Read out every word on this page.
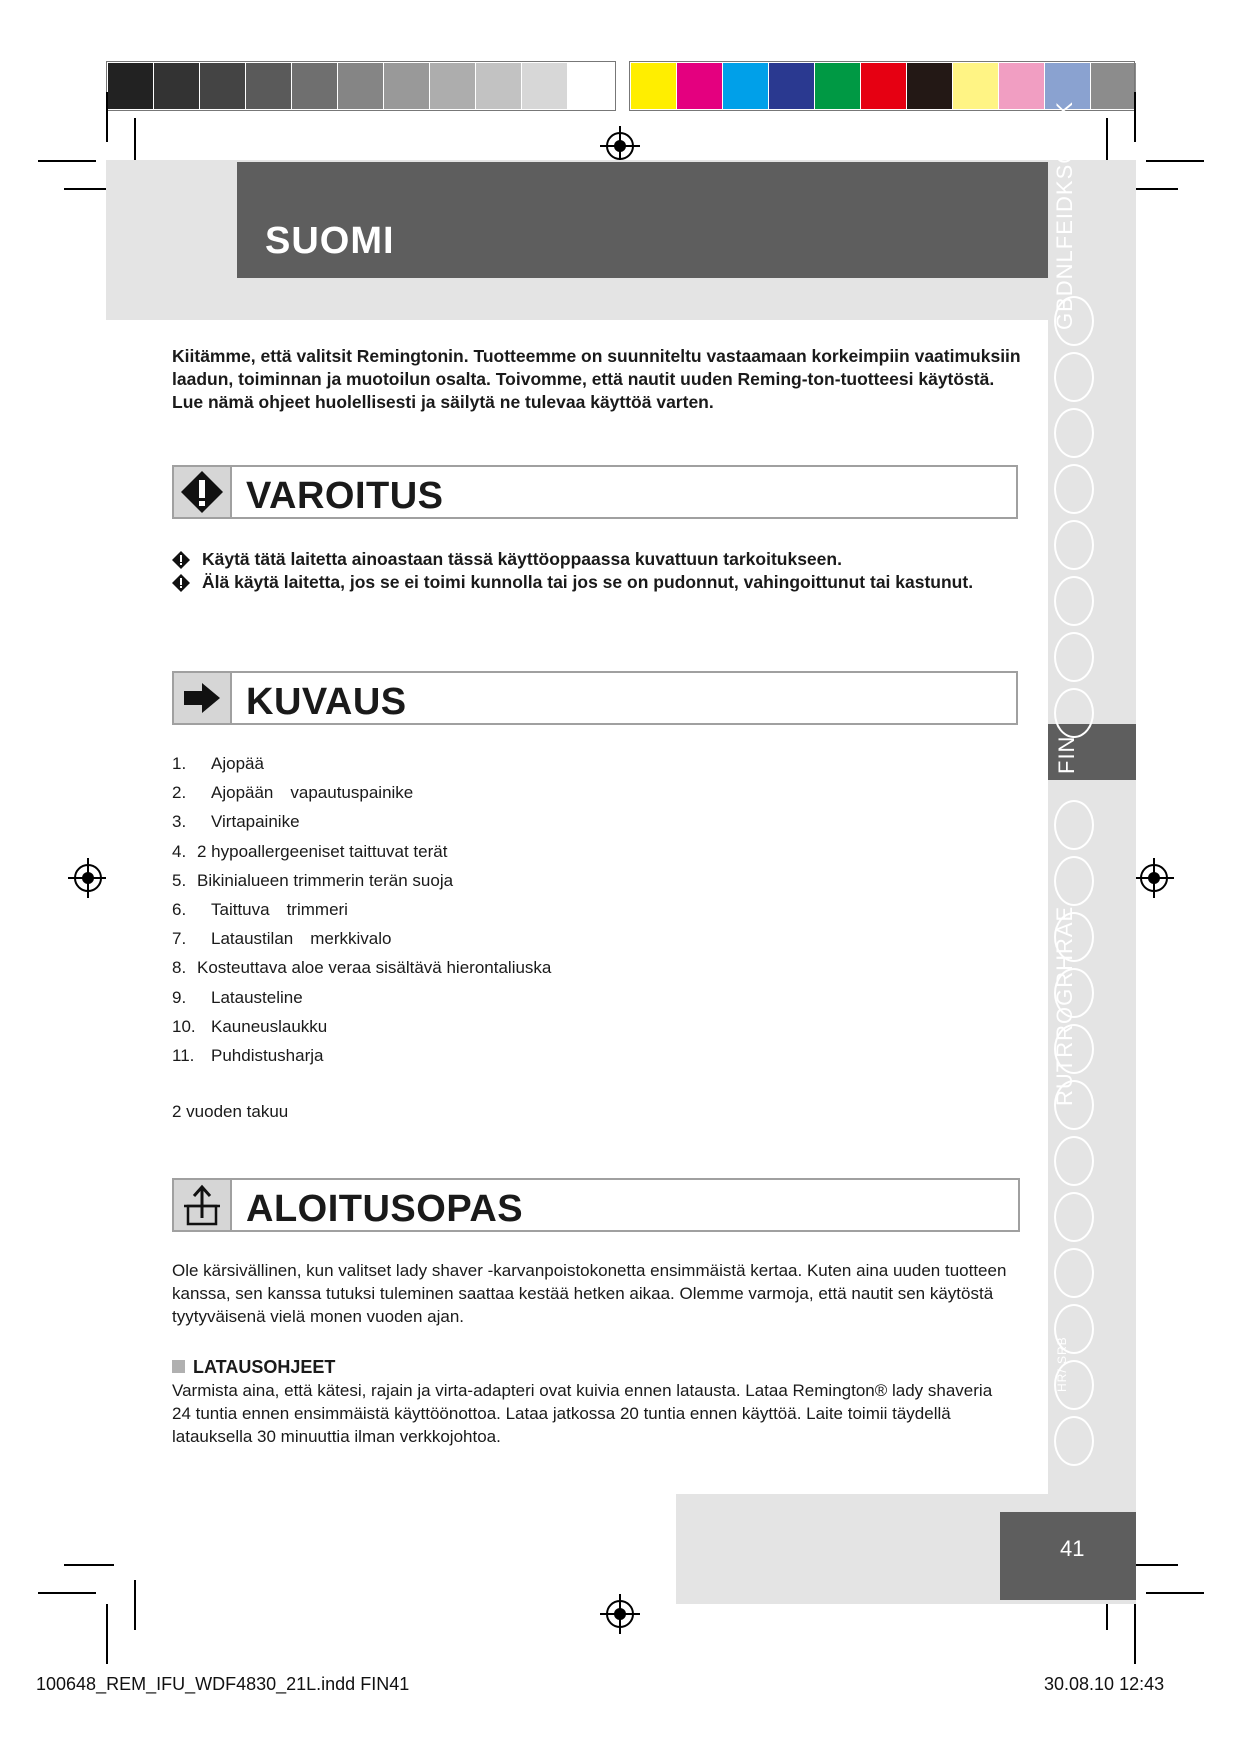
SUOMI	GBDNLFEIDKSCZSK
FIN
RUTRROGRHRAE
HR/ SRB
Kiitämme, että valitsit Remingtonin. Tuotteemme on suunniteltu vastaamaan korkeimpiin vaatimuksiin laadun, toiminnan ja muotoilun osalta. Toivomme, että nautit uuden Reming-ton-tuotteesi käytöstä. Lue nämä ohjeet huolellisesti ja säilytä ne tulevaa käyttöä varten.
VAROITUS
Käytä tätä laitetta ainoastaan tässä käyttöoppaassa kuvattuun tarkoitukseen.
Älä käytä laitetta, jos se ei toimi kunnolla tai jos se on pudonnut, vahingoittunut tai kastunut.
KUVAUS
1. Ajopää
2. Ajopään vapautuspainike
3. Virtapainike
4. 2 hypoallergeeniset taittuvat terät
5. Bikinialueen trimmerin terän suoja
6. Taittuva trimmeri
7. Lataustilan merkkivalo
8. Kosteuttava aloe veraa sisältävä hierontaliuska
9. Latausteline
10. Kauneuslaukku
11. Puhdistusharja
2 vuoden takuu
ALOITUSOPAS
Ole kärsivällinen, kun valitset lady shaver -karvanpoistokonetta ensimmäistä kertaa. Kuten aina uuden tuotteen kanssa, sen kanssa tutuksi tuleminen saattaa kestää hetken aikaa. Olemme varmoja, että nautit sen käytöstä tyytyväisenä vielä monen vuoden ajan.
LATAUSOHJEET
Varmista aina, että kätesi, rajain ja virta-adapteri ovat kuivia ennen latausta. Lataa Remington® lady shaveria 24 tuntia ennen ensimmäistä käyttöönottoa. Lataa jatkossa 20 tuntia ennen käyttöä. Laite toimii täydellä latauksella 30 minuuttia ilman verkkojohtoa.
41
100648_REM_IFU_WDF4830_21L.indd FIN41	30.08.10 12:43
